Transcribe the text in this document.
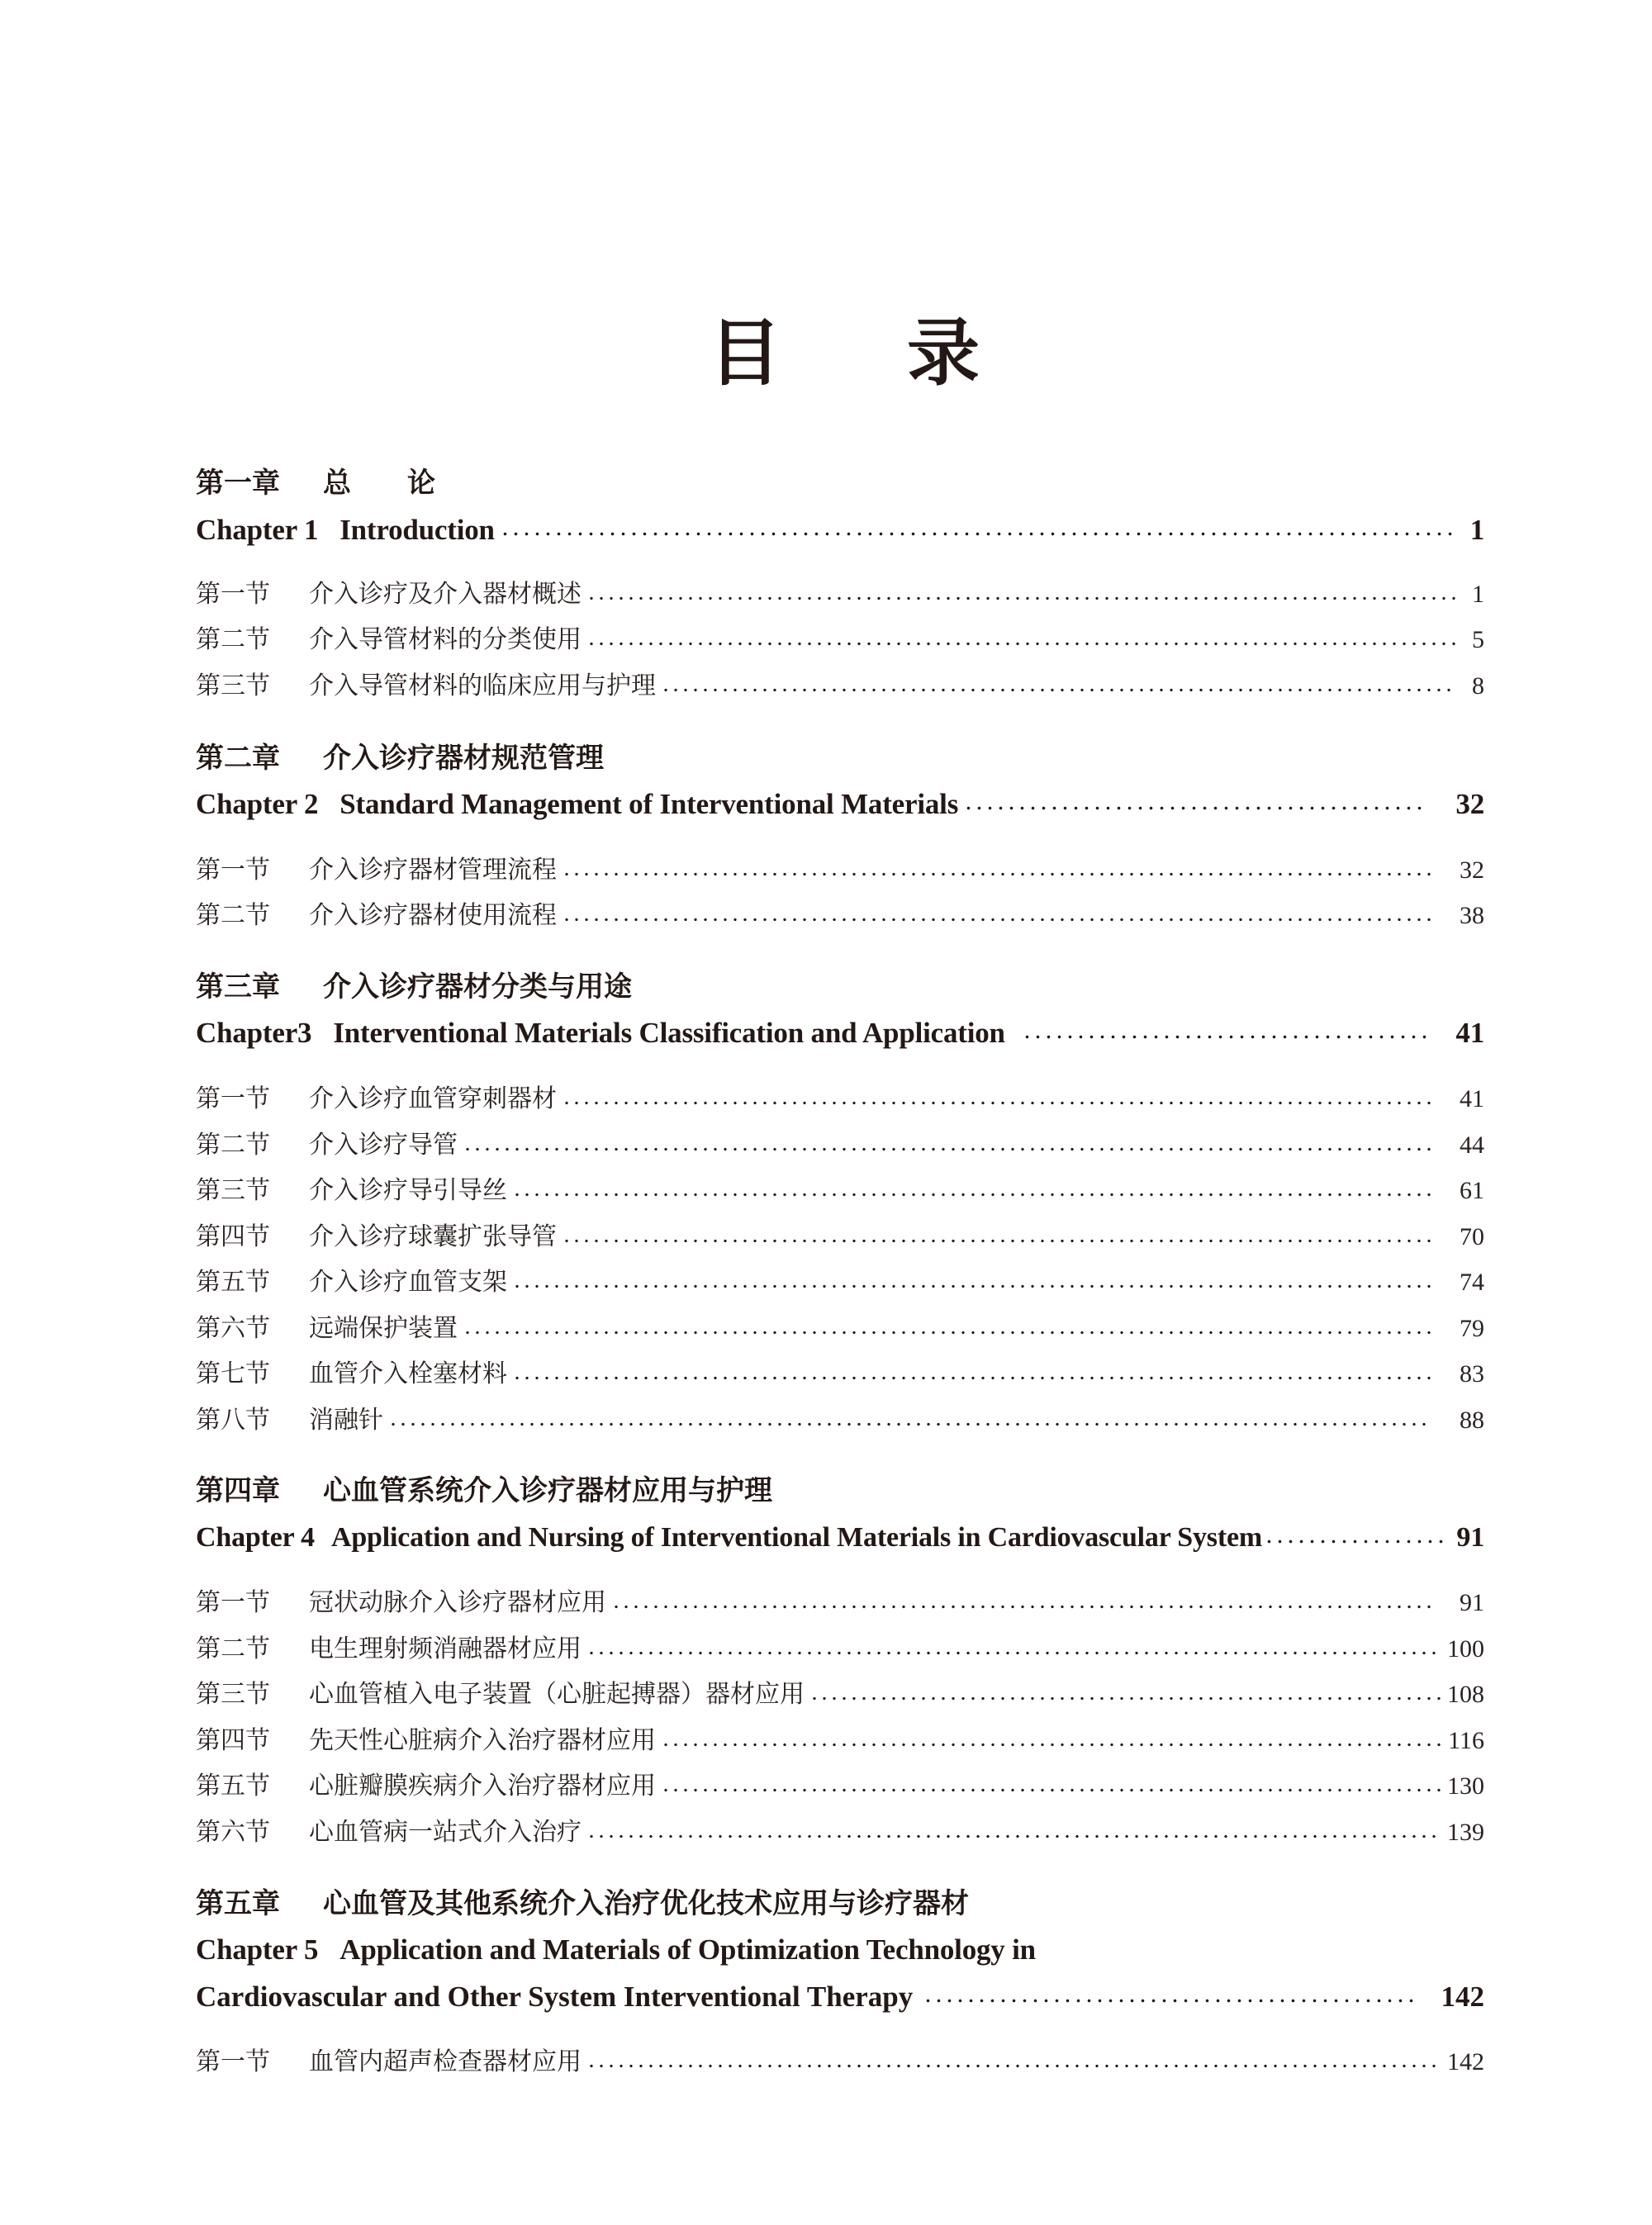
目 录
第一章	总　　论
Chapter 1 Introduction	1
第一节	介入诊疗及介入器材概述	1
第二节	介入导管材料的分类使用	5
第三节	介入导管材料的临床应用与护理	8
第二章	介入诊疗器材规范管理
Chapter 2 Standard Management of Interventional Materials	32
第一节	介入诊疗器材管理流程	32
第二节	介入诊疗器材使用流程	38
第三章	介入诊疗器材分类与用途
Chapter3 Interventional Materials Classification and Application	41
第一节	介入诊疗血管穿刺器材	41
第二节	介入诊疗导管	44
第三节	介入诊疗导引导丝	61
第四节	介入诊疗球囊扩张导管	70
第五节	介入诊疗血管支架	74
第六节	远端保护装置	79
第七节	血管介入栓塞材料	83
第八节	消融针	88
第四章	心血管系统介入诊疗器材应用与护理
Chapter 4 Application and Nursing of Interventional Materials in Cardiovascular System	91
第一节	冠状动脉介入诊疗器材应用	91
第二节	电生理射频消融器材应用	100
第三节	心血管植入电子装置（心脏起搏器）器材应用	108
第四节	先天性心脏病介入治疗器材应用	116
第五节	心脏瓣膜疾病介入治疗器材应用	130
第六节	心血管病一站式介入治疗	139
第五章	心血管及其他系统介入治疗优化技术应用与诊疗器材
Chapter 5 Application and Materials of Optimization Technology in
Cardiovascular and Other System Interventional Therapy	142
第一节	血管内超声检查器材应用	142
